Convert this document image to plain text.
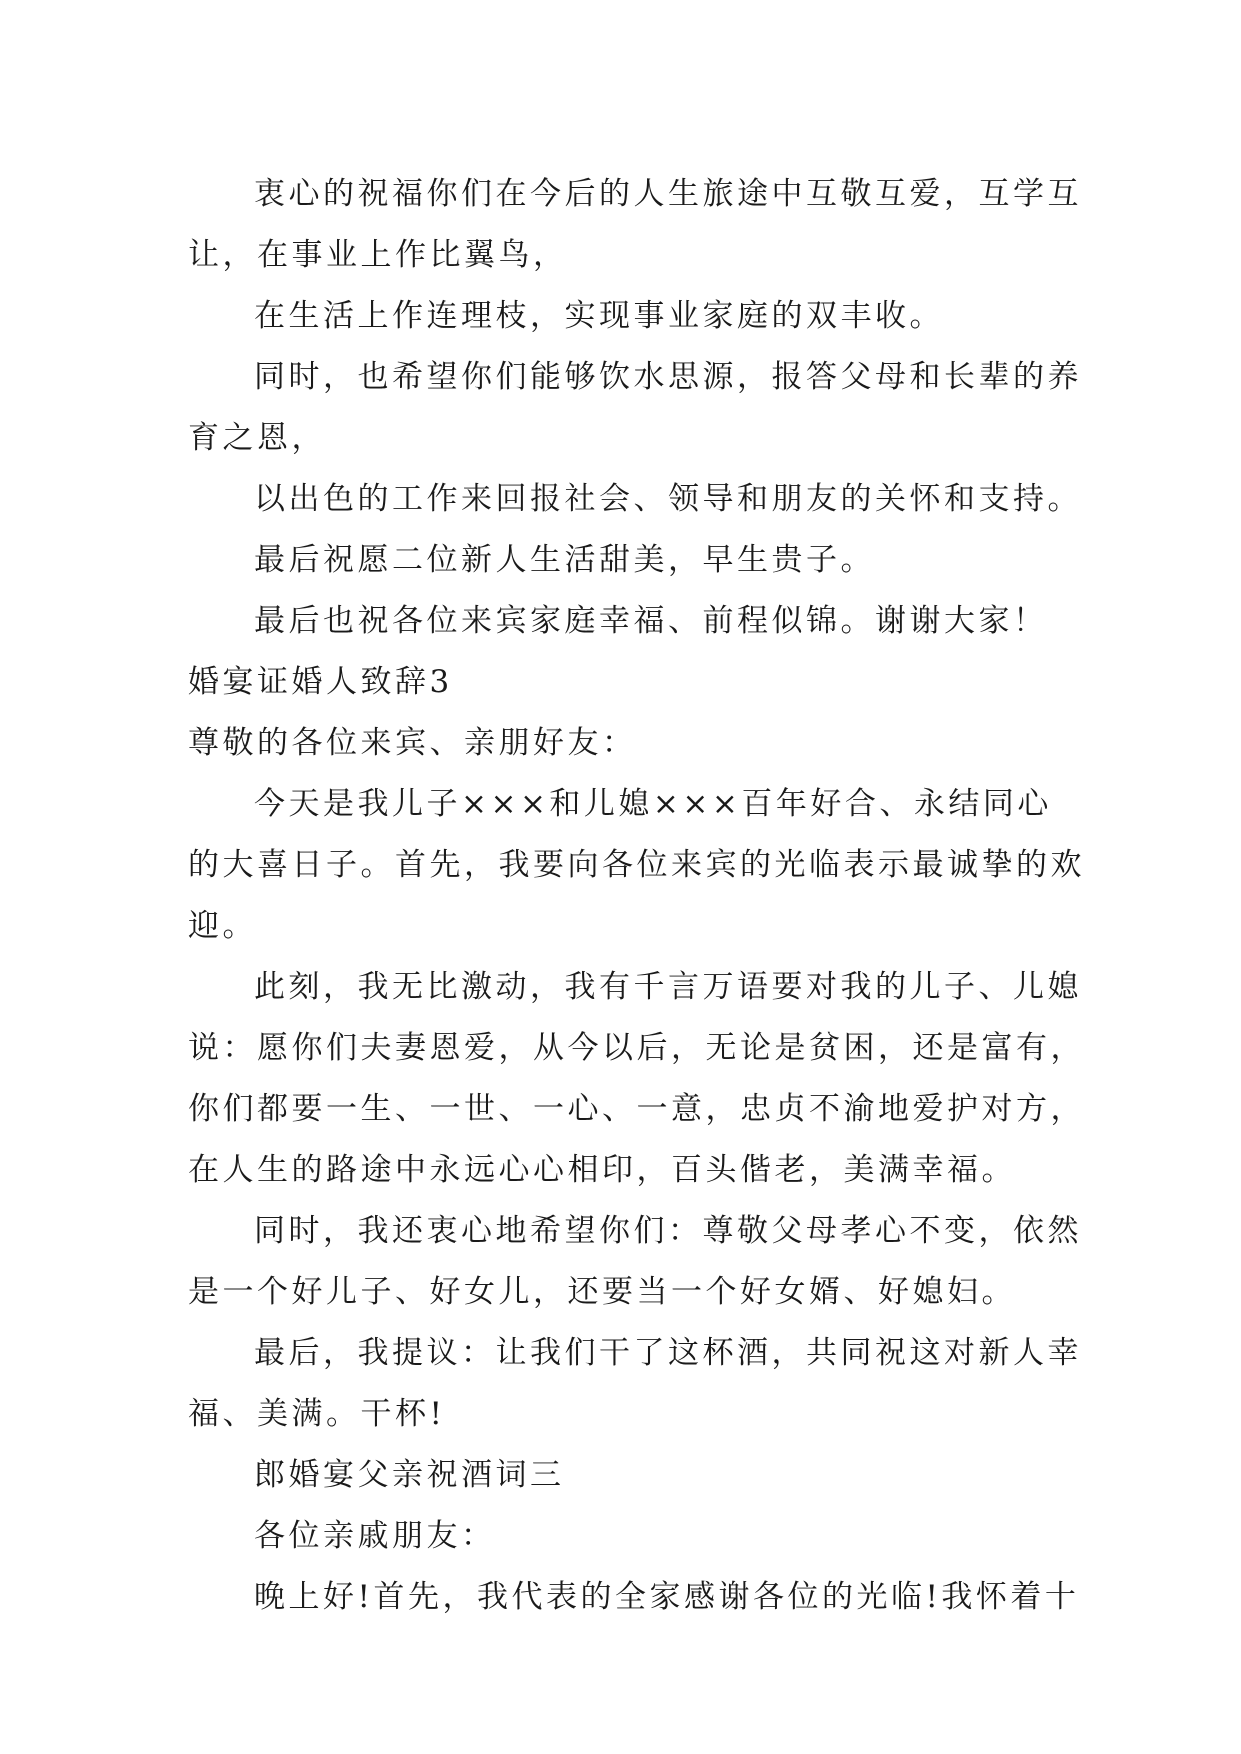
衷心的祝福你们在今后的人生旅途中互敬互爱，互学互

让，在事业上作比翼鸟，

在生活上作连理枝，实现事业家庭的双丰收。

同时，也希望你们能够饮水思源，报答父母和长辈的养

育之恩，

以出色的工作来回报社会、领导和朋友的关怀和支持。

最后祝愿二位新人生活甜美，早生贵子。

最后也祝各位来宾家庭幸福、前程似锦。谢谢大家！

婚宴证婚人致辞3

尊敬的各位来宾、亲朋好友：

今天是我儿子×××和儿媳×××百年好合、永结同心

的大喜日子。首先，我要向各位来宾的光临表示最诚挚的欢

迎。

此刻，我无比激动，我有千言万语要对我的儿子、儿媳

说：愿你们夫妻恩爱，从今以后，无论是贫困，还是富有，

你们都要一生、一世、一心、一意，忠贞不渝地爱护对方，

在人生的路途中永远心心相印，百头偕老，美满幸福。

同时，我还衷心地希望你们：尊敬父母孝心不变，依然

是一个好儿子、好女儿，还要当一个好女婿、好媳妇。

最后，我提议：让我们干了这杯酒，共同祝这对新人幸

福、美满。干杯!

郎婚宴父亲祝酒词三

各位亲戚朋友：

晚上好!首先，我代表的全家感谢各位的光临!我怀着十
